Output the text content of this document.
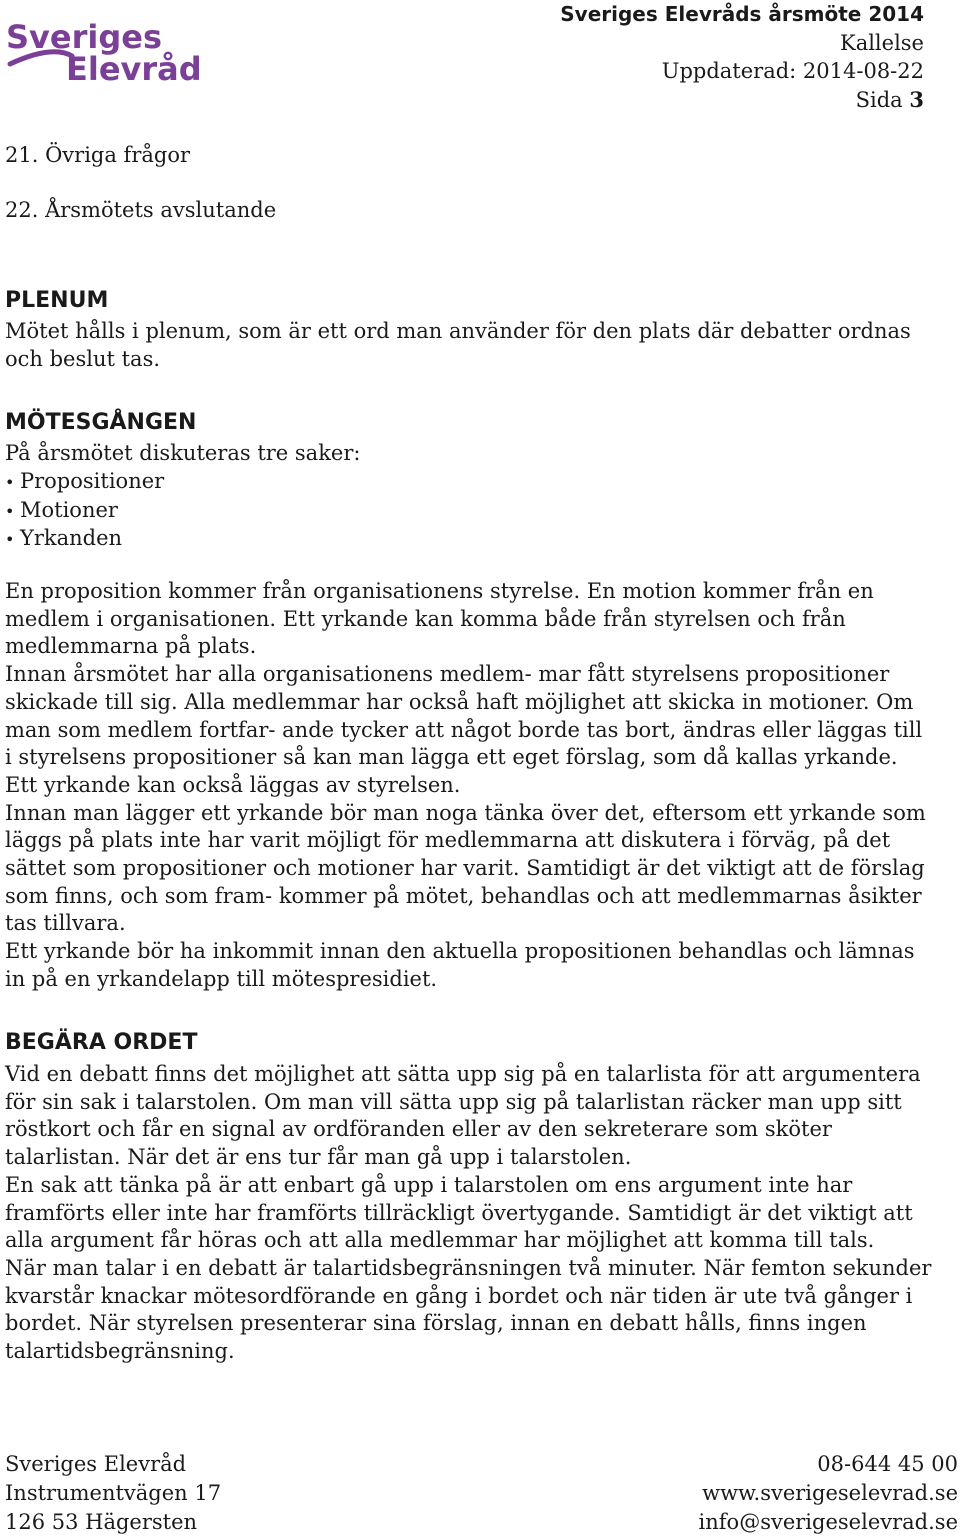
Sveriges
Elevråd
Sveriges Elevråds årsmöte 2014
Kallelse
Uppdaterad: 2014-08-22
Sida 3
21. Övriga frågor
22. Årsmötets avslutande
PLENUM
Mötet hålls i plenum, som är ett ord man använder för den plats där debatter ordnas och beslut tas.
MÖTESGÅNGEN
På årsmötet diskuteras tre saker:
• Propositioner
• Motioner
• Yrkanden

En proposition kommer från organisationens styrelse. En motion kommer från en medlem i organisationen. Ett yrkande kan komma både från styrelsen och från medlemmarna på plats.

Innan årsmötet har alla organisationens medlem- mar fått styrelsens propositioner skickade till sig. Alla medlemmar har också haft möjlighet att skicka in motioner. Om man som medlem fortfar- ande tycker att något borde tas bort, ändras eller läggas till i styrelsens propositioner så kan man lägga ett eget förslag, som då kallas yrkande. Ett yrkande kan också läggas av styrelsen.

Innan man lägger ett yrkande bör man noga tänka över det, eftersom ett yrkande som läggs på plats inte har varit möjligt för medlemmarna att diskutera i förväg, på det sättet som propositioner och motioner har varit. Samtidigt är det viktigt att de förslag som finns, och som fram- kommer på mötet, behandlas och att medlemmarnas åsikter tas tillvara.

Ett yrkande bör ha inkommit innan den aktuella propositionen behandlas och lämnas in på en yrkandelapp till mötespresidiet.

BEGÄRA ORDET

Vid en debatt finns det möjlighet att sätta upp sig på en talarlista för att argumentera för sin sak i talarstolen. Om man vill sätta upp sig på talarlistan räcker man upp sitt röstkort och får en signal av ordföranden eller av den sekreterare som sköter talarlistan. När det är ens tur får man gå upp i talarstolen.

En sak att tänka på är att enbart gå upp i talarstolen om ens argument inte har framförts eller inte har framförts tillräckligt övertygande. Samtidigt är det viktigt att alla argument får höras och att alla medlemmar har möjlighet att komma till tals.

När man talar i en debatt är talartidsbegränsningen två minuter. När femton sekunder kvarstår knackar mötesordförande en gång i bordet och när tiden är ute två gånger i bordet. När styrelsen presenterar sina förslag, innan en debatt hålls, finns ingen talartidsbegränsning.

Sveriges Elevråd
Instrumentvägen 17
126 53 Hägersten
08-644 45 00
www.sverigeselevrad.se
info@sverigeselevrad.se
